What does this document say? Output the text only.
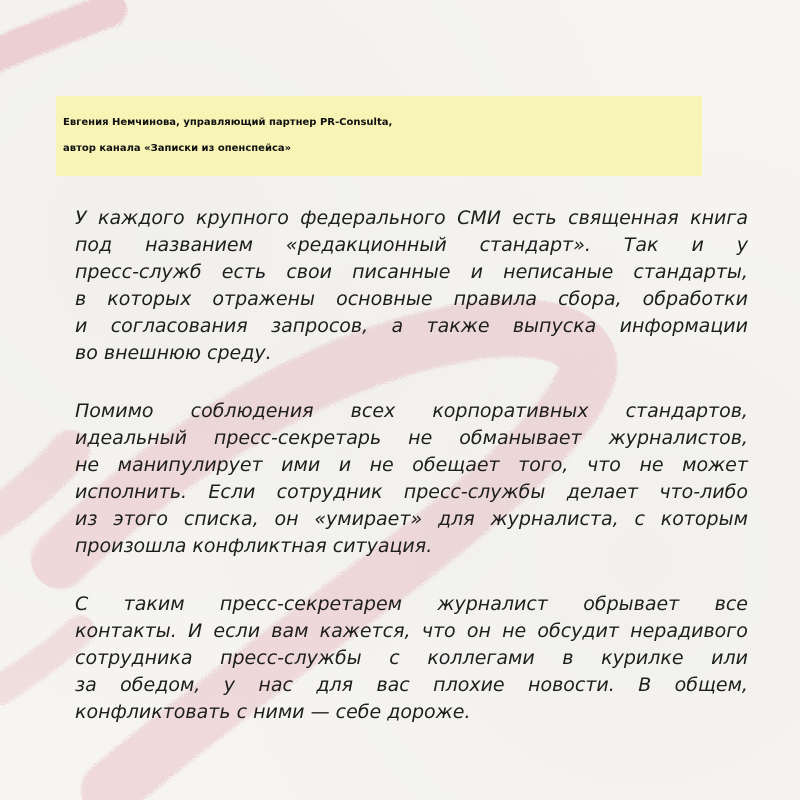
Евгения Немчинова, управляющий партнер PR-Consulta,
автор канала «Записки из опенспейса»
У каждого крупного федерального СМИ есть священная книга
под названием «редакционный стандарт». Так и у
пресс-служб есть свои писанные и неписаные стандарты,
в которых отражены основные правила сбора, обработки
и согласования запросов, а также выпуска информации
во внешнюю среду.
Помимо соблюдения всех корпоративных стандартов,
идеальный пресс-секретарь не обманывает журналистов,
не манипулирует ими и не обещает того, что не может
исполнить. Если сотрудник пресс-службы делает что-либо
из этого списка, он «умирает» для журналиста, с которым
произошла конфликтная ситуация.
С таким пресс-секретарем журналист обрывает все
контакты. И если вам кажется, что он не обсудит нерадивого
сотрудника пресс-службы с коллегами в курилке или
за обедом, у нас для вас плохие новости. В общем,
конфликтовать с ними — себе дороже.
